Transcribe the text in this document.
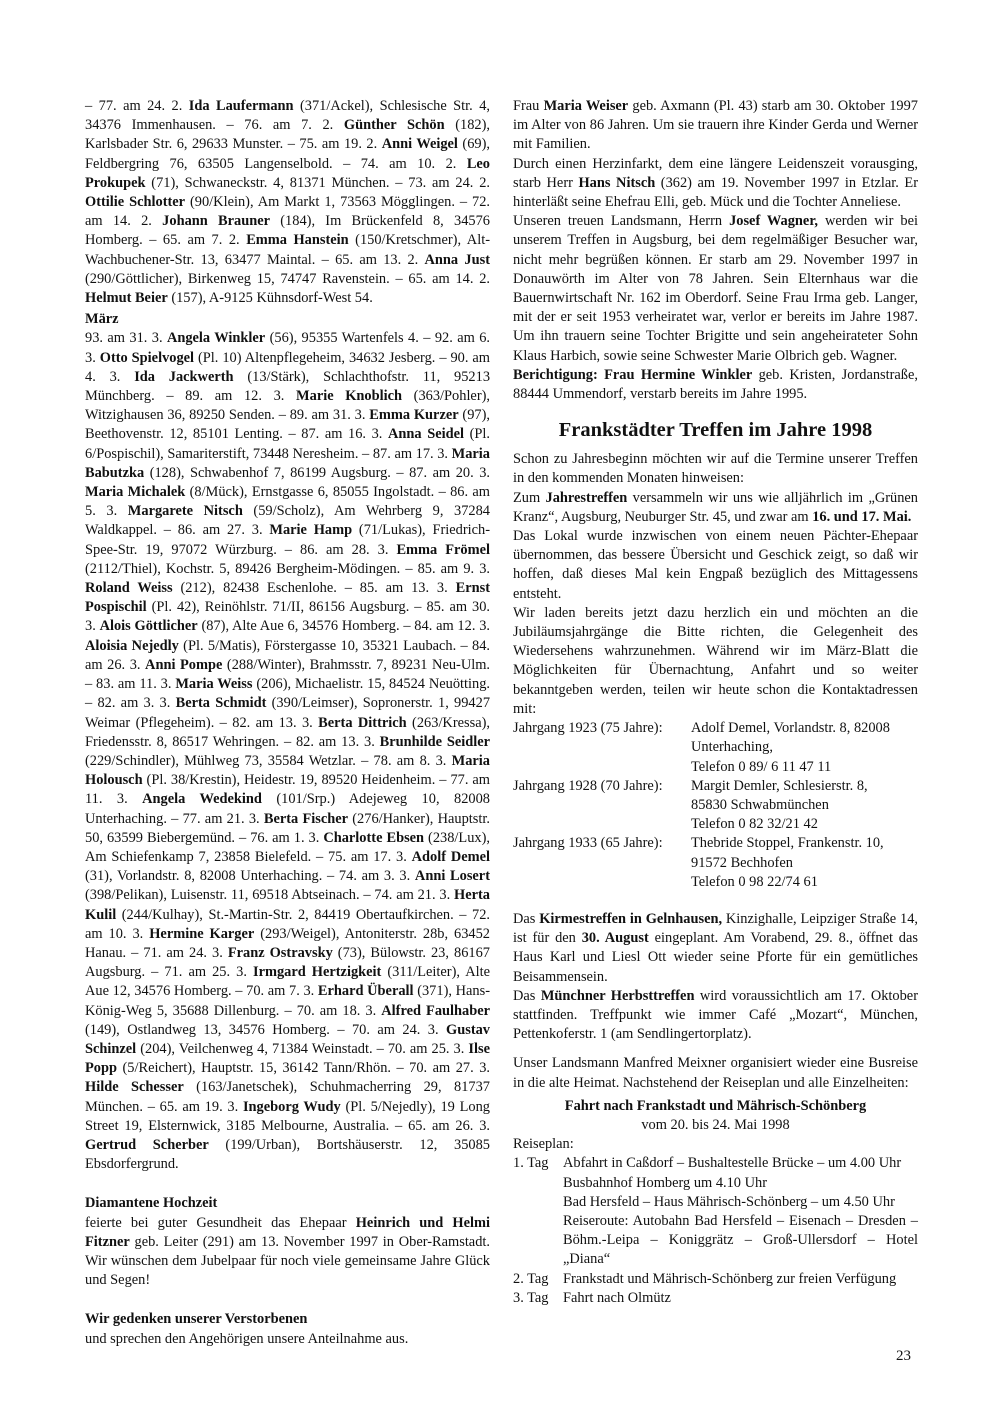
– 77. am 24. 2. Ida Laufermann (371/Ackel), Schlesische Str. 4, 34376 Immenhausen. – 76. am 7. 2. Günther Schön (182), Karlsbader Str. 6, 29633 Munster. – 75. am 19. 2. Anni Weigel (69), Feldbergring 76, 63505 Langenselbold. – 74. am 10. 2. Leo Prokupek (71), Schwaneckstr. 4, 81371 München. – 73. am 24. 2. Ottilie Schlotter (90/Klein), Am Markt 1, 73563 Mögglingen. – 72. am 14. 2. Johann Brauner (184), Im Brückenfeld 8, 34576 Homberg. – 65. am 7. 2. Emma Hanstein (150/Kretschmer), Alt-Wachbuchener-Str. 13, 63477 Maintal. – 65. am 13. 2. Anna Just (290/Göttlicher), Birkenweg 15, 74747 Ravenstein. – 65. am 14. 2. Helmut Beier (157), A-9125 Kühnsdorf-West 54.

März

93. am 31. 3. Angela Winkler (56), 95355 Wartenfels 4. – 92. am 6. 3. Otto Spielvogel (Pl. 10) Altenpflegeheim, 34632 Jesberg. – 90. am 4. 3. Ida Jackwerth (13/Stärk), Schlachthofstr. 11, 95213 Münchberg. – 89. am 12. 3. Marie Knoblich (363/Pohler), Witzighausen 36, 89250 Senden. – 89. am 31. 3. Emma Kurzer (97), Beethovenstr. 12, 85101 Lenting. – 87. am 16. 3. Anna Seidel (Pl. 6/Pospischil), Samariterstift, 73448 Neresheim. – 87. am 17. 3. Maria Babutzka (128), Schwabenhof 7, 86199 Augsburg. – 87. am 20. 3. Maria Michalek (8/Mück), Ernstgasse 6, 85055 Ingolstadt. – 86. am 5. 3. Margarete Nitsch (59/Scholz), Am Wehrberg 9, 37284 Waldkappel. – 86. am 27. 3. Marie Hamp (71/Lukas), Friedrich-Spee-Str. 19, 97072 Würzburg. – 86. am 28. 3. Emma Frömel (2112/Thiel), Kochstr. 5, 89426 Bergheim-Mödingen. – 85. am 9. 3. Roland Weiss (212), 82438 Eschenlohe. – 85. am 13. 3. Ernst Pospischil (Pl. 42), Reinöhlstr. 71/II, 86156 Augsburg. – 85. am 30. 3. Alois Göttlicher (87), Alte Aue 6, 34576 Homberg. – 84. am 12. 3. Aloisia Nejedly (Pl. 5/Matis), Förstergasse 10, 35321 Laubach. – 84. am 26. 3. Anni Pompe (288/Winter), Brahmsstr. 7, 89231 Neu-Ulm. – 83. am 11. 3. Maria Weiss (206), Michaelistr. 15, 84524 Neuötting. – 82. am 3. 3. Berta Schmidt (390/Leimser), Sopronerstr. 1, 99427 Weimar (Pflegeheim). – 82. am 13. 3. Berta Dittrich (263/Kressa), Friedensstr. 8, 86517 Wehringen. – 82. am 13. 3. Brunhilde Seidler (229/Schindler), Mühlweg 73, 35584 Wetzlar. – 78. am 8. 3. Maria Holousch (Pl. 38/Krestin), Heidestr. 19, 89520 Heidenheim. – 77. am 11. 3. Angela Wedekind (101/Srp.) Adejeweg 10, 82008 Unterhaching. – 77. am 21. 3. Berta Fischer (276/Hanker), Hauptstr. 50, 63599 Biebergemünd. – 76. am 1. 3. Charlotte Ebsen (238/Lux), Am Schiefenkamp 7, 23858 Bielefeld. – 75. am 17. 3. Adolf Demel (31), Vorlandstr. 8, 82008 Unterhaching. – 74. am 3. 3. Anni Losert (398/Pelikan), Luisenstr. 11, 69518 Abtseinach. – 74. am 21. 3. Herta Kulil (244/Kulhay), St.-Martin-Str. 2, 84419 Obertaufkirchen. – 72. am 10. 3. Hermine Karger (293/Weigel), Antoniterstr. 28b, 63452 Hanau. – 71. am 24. 3. Franz Ostravsky (73), Bülowstr. 23, 86167 Augsburg. – 71. am 25. 3. Irmgard Hertzigkeit (311/Leiter), Alte Aue 12, 34576 Homberg. – 70. am 7. 3. Erhard Überall (371), Hans-König-Weg 5, 35688 Dillenburg. – 70. am 18. 3. Alfred Faulhaber (149), Ostlandweg 13, 34576 Homberg. – 70. am 24. 3. Gustav Schinzel (204), Veilchenweg 4, 71384 Weinstadt. – 70. am 25. 3. Ilse Popp (5/Reichert), Hauptstr. 15, 36142 Tann/Rhön. – 70. am 27. 3. Hilde Schesser (163/Janetschek), Schuhmacherring 29, 81737 München. – 65. am 19. 3. Ingeborg Wudy (Pl. 5/Nejedly), 19 Long Street 19, Elsternwick, 3185 Melbourne, Australia. – 65. am 26. 3. Gertrud Scherber (199/Urban), Bortshäuserstr. 12, 35085 Ebsdorfergrund.

Diamantene Hochzeit

feierte bei guter Gesundheit das Ehepaar Heinrich und Helmi Fitzner geb. Leiter (291) am 13. November 1997 in Ober-Ramstadt. Wir wünschen dem Jubelpaar für noch viele gemeinsame Jahre Glück und Segen!

Wir gedenken unserer Verstorbenen

und sprechen den Angehörigen unsere Anteilnahme aus.

Frau Maria Weiser geb. Axmann (Pl. 43) starb am 30. Oktober 1997 im Alter von 86 Jahren. Um sie trauern ihre Kinder Gerda und Werner mit Familien.

Durch einen Herzinfarkt, dem eine längere Leidenszeit vorausging, starb Herr Hans Nitsch (362) am 19. November 1997 in Etzlar. Er hinterläßt seine Ehefrau Elli, geb. Mück und die Tochter Anneliese.

Unseren treuen Landsmann, Herrn Josef Wagner, werden wir bei unserem Treffen in Augsburg, bei dem regelmäßiger Besucher war, nicht mehr begrüßen können. Er starb am 29. November 1997 in Donauwörth im Alter von 78 Jahren. Sein Elternhaus war die Bauernwirtschaft Nr. 162 im Oberdorf. Seine Frau Irma geb. Langer, mit der er seit 1953 verheiratet war, verlor er bereits im Jahre 1987. Um ihn trauern seine Tochter Brigitte und sein angeheirateter Sohn Klaus Harbich, sowie seine Schwester Marie Olbrich geb. Wagner.

Berichtigung: Frau Hermine Winkler geb. Kristen, Jordanstraße, 88444 Ummendorf, verstarb bereits im Jahre 1995.

Frankstädter Treffen im Jahre 1998

Schon zu Jahresbeginn möchten wir auf die Termine unserer Treffen in den kommenden Monaten hinweisen:

Zum Jahrestreffen versammeln wir uns wie alljährlich im „Grünen Kranz“, Augsburg, Neuburger Str. 45, und zwar am 16. und 17. Mai.

Das Lokal wurde inzwischen von einem neuen Pächter-Ehepaar übernommen, das bessere Übersicht und Geschick zeigt, so daß wir hoffen, daß dieses Mal kein Engpaß bezüglich des Mittagessens entsteht.

Wir laden bereits jetzt dazu herzlich ein und möchten an die Jubiläumsjahrgänge die Bitte richten, die Gelegenheit des Wiedersehens wahrzunehmen. Während wir im März-Blatt die Möglichkeiten für Übernachtung, Anfahrt und so weiter bekanntgeben werden, teilen wir heute schon die Kontaktadressen mit:

Jahrgang 1923 (75 Jahre):	Adolf Demel, Vorlandstr. 8, 82008
Unterhaching,
Telefon 0 89/ 6 11 47 11

Jahrgang 1928 (70 Jahre):	Margit Demler, Schlesierstr. 8,
85830 Schwabmünchen
Telefon 0 82 32/21 42

Jahrgang 1933 (65 Jahre):	Thebride Stoppel, Frankenstr. 10,
91572 Bechhofen
Telefon 0 98 22/74 61

Das Kirmestreffen in Gelnhausen, Kinzighalle, Leipziger Straße 14, ist für den 30. August eingeplant. Am Vorabend, 29. 8., öffnet das Haus Karl und Liesl Ott wieder seine Pforte für ein gemütliches Beisammensein.

Das Münchner Herbsttreffen wird voraussichtlich am 17. Oktober stattfinden. Treffpunkt wie immer Café „Mozart“, München, Pettenkoferstr. 1 (am Sendlingertorplatz).

Unser Landsmann Manfred Meixner organisiert wieder eine Busreise in die alte Heimat. Nachstehend der Reiseplan und alle Einzelheiten:

Fahrt nach Frankstadt und Mährisch-Schönberg
vom 20. bis 24. Mai 1998
Reiseplan:
1. Tag	Abfahrt in Caßdorf – Bushaltestelle Brücke – um 4.00 Uhr
Busbahnhof Homberg um 4.10 Uhr
Bad Hersfeld – Haus Mährisch-Schönberg – um 4.50 Uhr
Reiseroute: Autobahn Bad Hersfeld – Eisenach – Dresden – Böhm.-Leipa – Koniggrätz – Groß-Ullersdorf – Hotel „Diana“

2. Tag	Frankstadt und Mährisch-Schönberg zur freien Verfügung

3. Tag	Fahrt nach Olmütz
23
